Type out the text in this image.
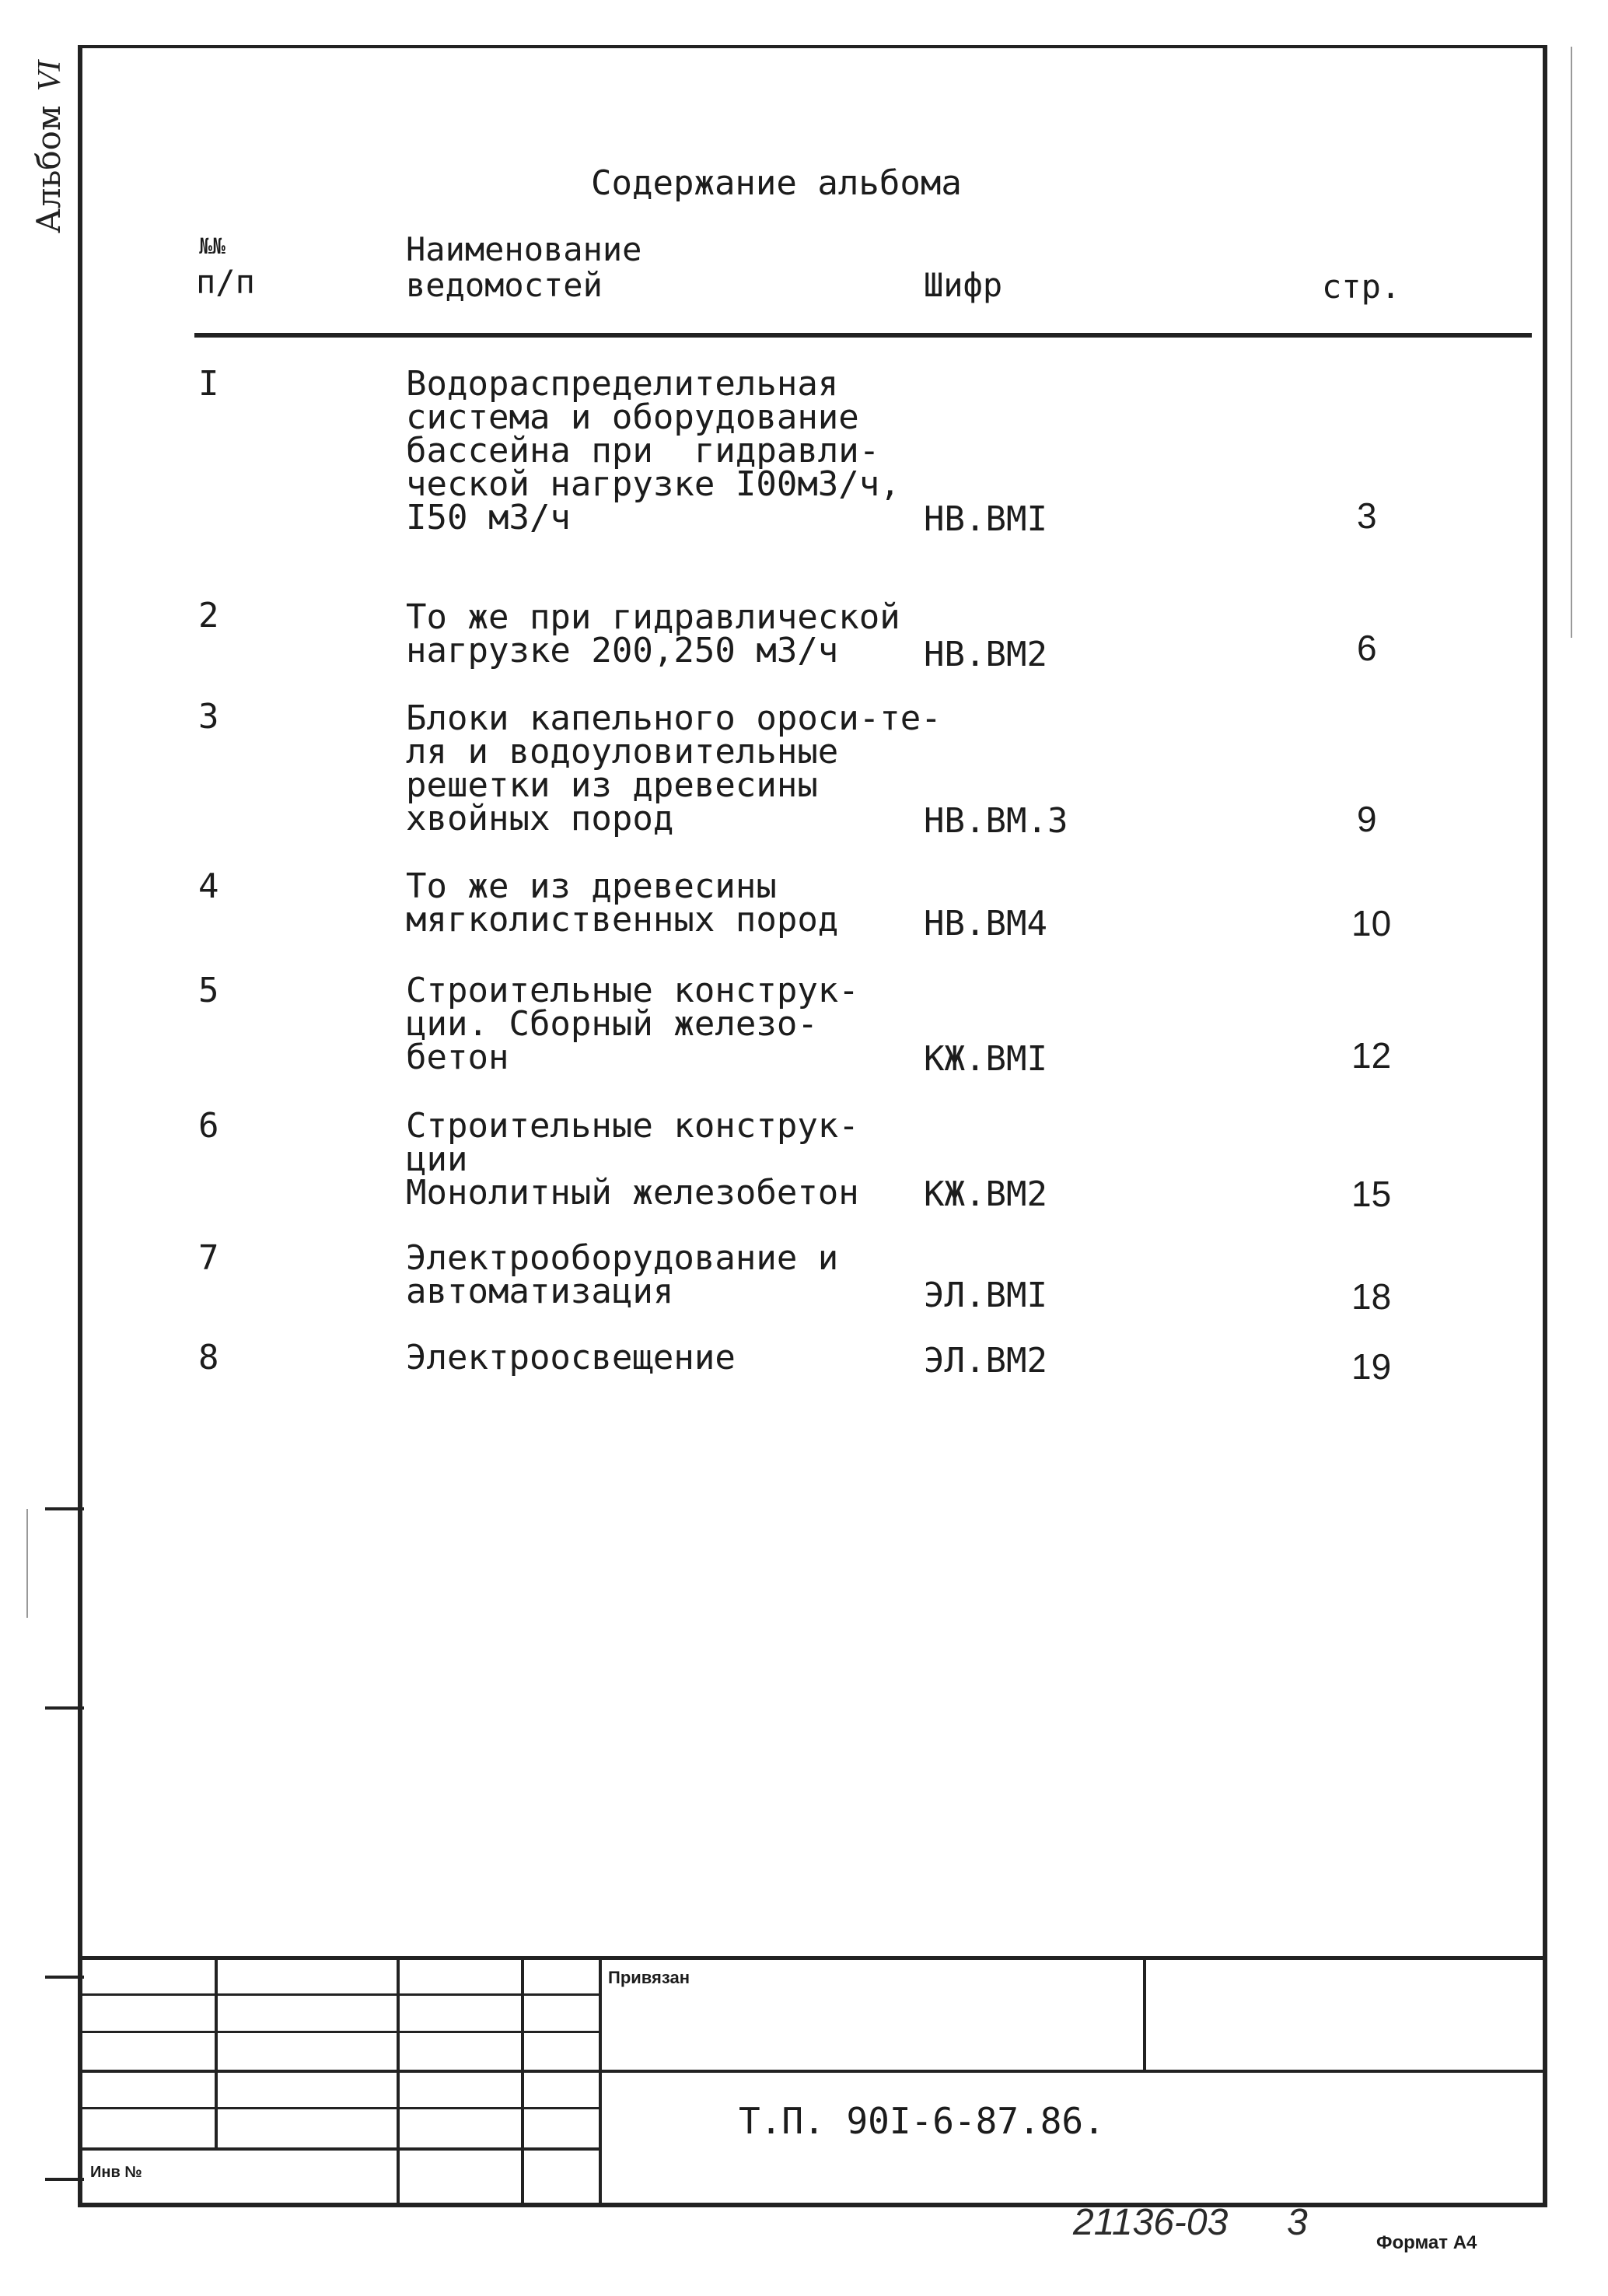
АльбомVI
Содержание альбома
№№
п/п
Наименование
ведомостей	Шифр	стр.
I	Водораспределительная
система и оборудование
бассейна при  гидравли-
ческой нагрузке I00м3/ч,
I50 м3/ч	НВ.ВМI	3
2	То же при гидравлической
нагрузке 200,250 м3/ч	НВ.ВМ2	6
3	Блоки капельного ороси-те-
ля и водоуловительные
решетки из древесины
хвойных пород	НВ.ВМ.3	9
4	То же из древесины
мягколиственных пород НВ.ВМ4	10
5	Строительные конструк-
ции. Сборный железо-
бетон	КЖ.ВМI	12
6	Строительные конструк-
ции
Монолитный железобетон КЖ.ВМ2	15
7	Электрооборудование и
автоматизация	ЭЛ.ВМI	18
8	Электроосвещение	ЭЛ.ВМ2	19
Привязан
Инв №
Т.П. 90I-6-87.86.
21136-03 3	Формат А4
